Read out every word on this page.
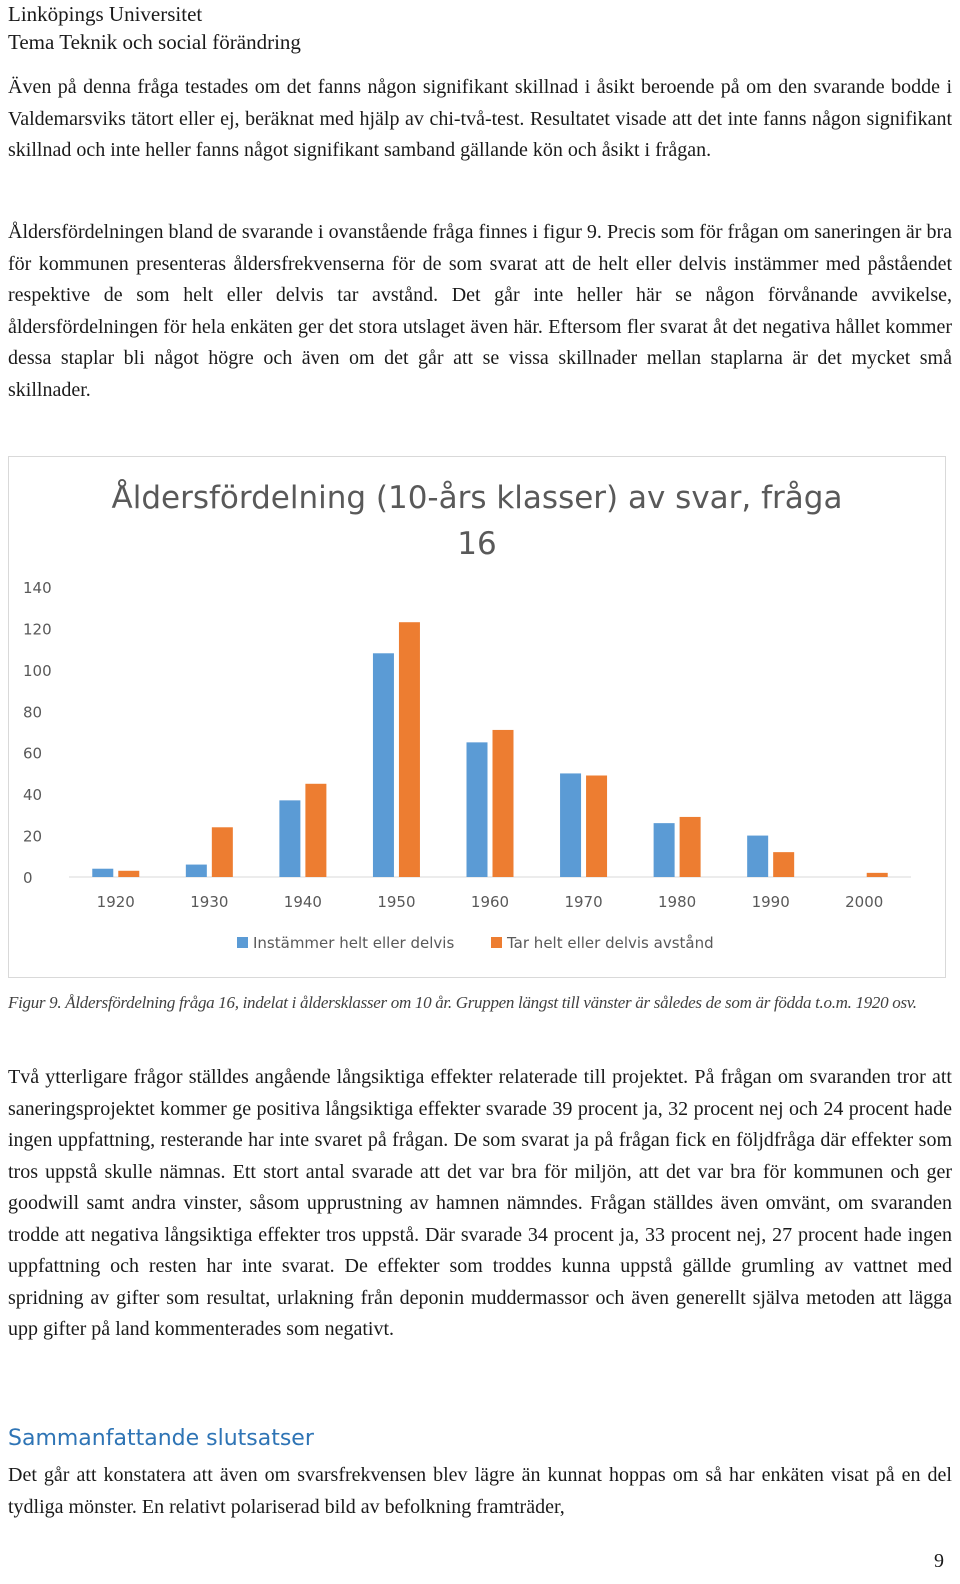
Linköpings Universitet
Tema Teknik och social förändring
Även på denna fråga testades om det fanns någon signifikant skillnad i åsikt beroende på om den svarande bodde i Valdemarsviks tätort eller ej, beräknat med hjälp av chi-två-test. Resultatet visade att det inte fanns någon signifikant skillnad och inte heller fanns något signifikant samband gällande kön och åsikt i frågan.
Åldersfördelningen bland de svarande i ovanstående fråga finnes i figur 9. Precis som för frågan om saneringen är bra för kommunen presenteras åldersfrekvenserna för de som svarat att de helt eller delvis instämmer med påståendet respektive de som helt eller delvis tar avstånd. Det går inte heller här se någon förvånande avvikelse, åldersfördelningen för hela enkäten ger det stora utslaget även här. Eftersom fler svarat åt det negativa hållet kommer dessa staplar bli något högre och även om det går att se vissa skillnader mellan staplarna är det mycket små skillnader.
Åldersfördelning (10-års klasser) av svar, fråga
16
0
20
40
60
80
100
120
140
1920	1930	1940	1950	1960	1970	1980	1990	2000
Instämmer helt eller delvis	Tar helt eller delvis avstånd
Figur 9. Åldersfördelning fråga 16, indelat i åldersklasser om 10 år. Gruppen längst till vänster är således de som är födda t.o.m. 1920 osv.
Två ytterligare frågor ställdes angående långsiktiga effekter relaterade till projektet. På frågan om svaranden tror att saneringsprojektet kommer ge positiva långsiktiga effekter svarade 39 procent ja, 32 procent nej och 24 procent hade ingen uppfattning, resterande har inte svaret på frågan. De som svarat ja på frågan fick en följdfråga där effekter som tros uppstå skulle nämnas. Ett stort antal svarade att det var bra för miljön, att det var bra för kommunen och ger goodwill samt andra vinster, såsom upprustning av hamnen nämndes. Frågan ställdes även omvänt, om svaranden trodde att negativa långsiktiga effekter tros uppstå. Där svarade 34 procent ja, 33 procent nej, 27 procent hade ingen uppfattning och resten har inte svarat. De effekter som troddes kunna uppstå gällde grumling av vattnet med spridning av gifter som resultat, urlakning från deponin muddermassor och även generellt själva metoden att lägga upp gifter på land kommenterades som negativt.
Sammanfattande slutsatser
Det går att konstatera att även om svarsfrekvensen blev lägre än kunnat hoppas om så har enkäten visat på en del tydliga mönster. En relativt polariserad bild av befolkning framträder,
9
